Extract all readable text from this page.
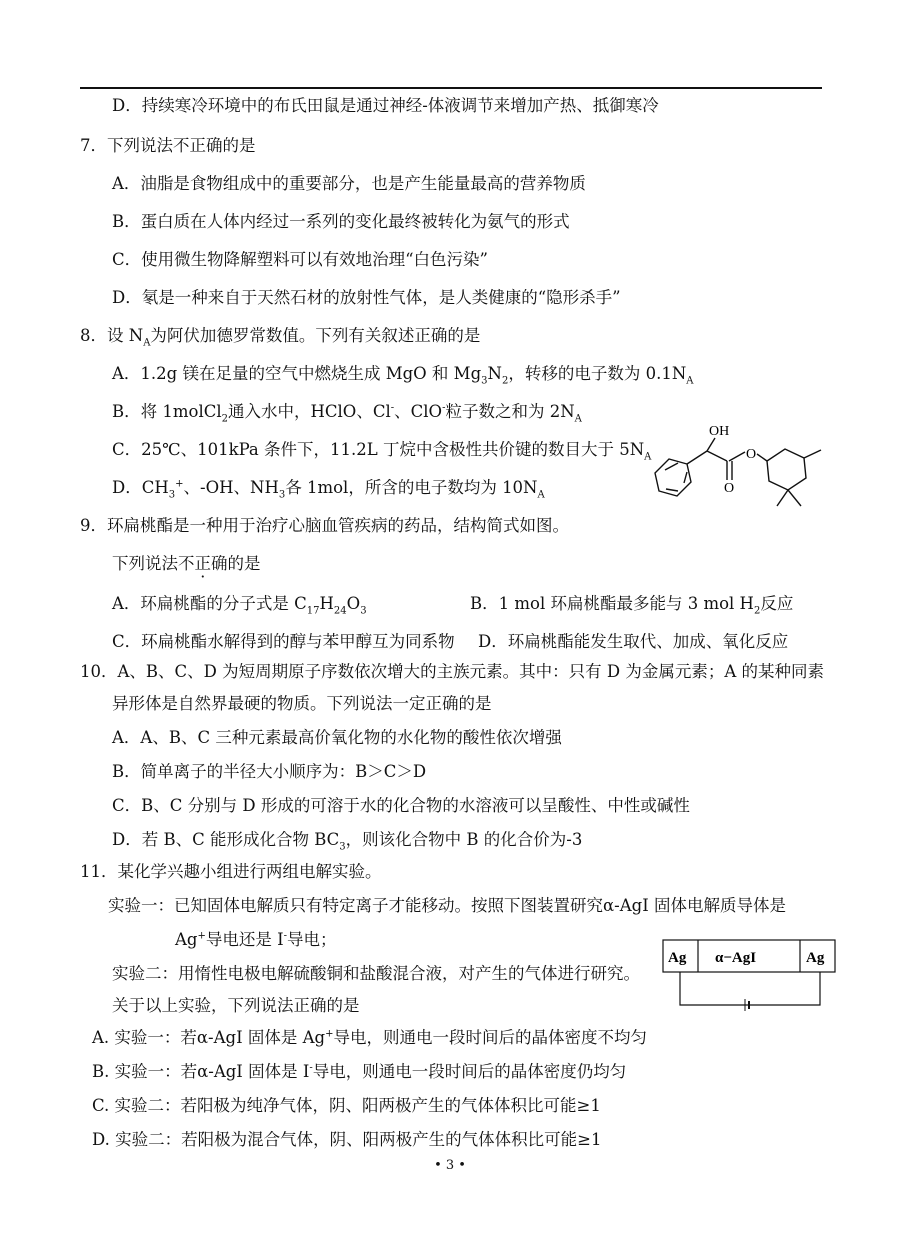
D．持续寒冷环境中的布氏田鼠是通过神经-体液调节来增加产热、抵御寒冷
7．下列说法不正确的是
A．油脂是食物组成中的重要部分，也是产生能量最高的营养物质
B．蛋白质在人体内经过一系列的变化最终被转化为氨气的形式
C．使用微生物降解塑料可以有效地治理“白色污染”
D．氡是一种来自于天然石材的放射性气体，是人类健康的“隐形杀手”
8．设 $N_A$为阿伏加德罗常数值。下列有关叙述正确的是
A．1.2g 镁在足量的空气中燃烧生成 MgO 和 $Mg_3N_2$，转移的电子数为 $0.1N_A$
B．将 1molCl$_2$通入水中，HClO、Cl-、ClO-粒子数之和为 $2N_A$
C．25℃、101kPa 条件下，11.2L 丁烷中含极性共价键的数目大于 $5N_A$
D．$CH_3^+$、-OH、$NH_3$各 1mol，所含的电子数均为 $10N_A$
OH
O
O
9．环扁桃酯是一种用于治疗心脑血管疾病的药品，结构简式如图。
下列说法不正确的是
A．环扁桃酯的分子式是 $C_{17}H_{24}O_3$	B．1 mol 环扁桃酯最多能与 3 mol $H_2$反应
C．环扁桃酯水解得到的醇与苯甲醇互为同系物 D．环扁桃酯能发生取代、加成、氧化反应
10．A、B、C、D 为短周期原子序数依次增大的主族元素。其中：只有 D 为金属元素；A 的某种同素
异形体是自然界最硬的物质。下列说法一定正确的是
A．A、B、C 三种元素最高价氧化物的水化物的酸性依次增强
B．简单离子的半径大小顺序为：B＞C＞D
C．B、C 分别与 D 形成的可溶于水的化合物的水溶液可以呈酸性、中性或碱性
D．若 B、C 能形成化合物 $BC_3$，则该化合物中 B 的化合价为-3
11．某化学兴趣小组进行两组电解实验。
实验一：已知固体电解质只有特定离子才能移动。按照下图装置研究α-AgI 固体电解质导体是
Ag+导电还是 I-导电；
实验二：用惰性电极电解硫酸铜和盐酸混合液，对产生的气体进行研究。
关于以上实验，下列说法正确的是
Ag α−AgI	Ag
A. 实验一：若α-AgI 固体是 Ag+导电，则通电一段时间后的晶体密度不均匀
B. 实验一：若α-AgI 固体是 I-导电，则通电一段时间后的晶体密度仍均匀
C. 实验二：若阳极为纯净气体，阴、阳两极产生的气体体积比可能≥1
D. 实验二：若阳极为混合气体，阴、阳两极产生的气体体积比可能≥1
• 3 •
